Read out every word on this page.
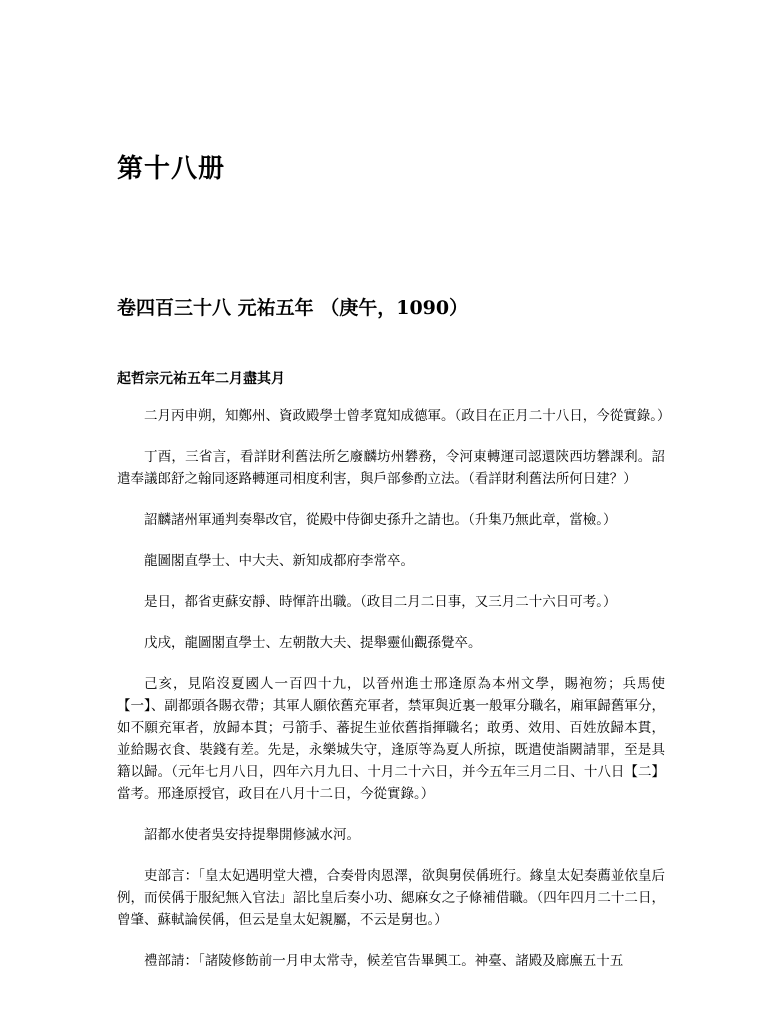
第十八册
卷四百三十八 元祐五年 （庚午，1090）
起哲宗元祐五年二月盡其月

二月丙申朔，知鄭州、資政殿學士曾孝寬知成德軍。（政目在正月二十八日，今從實錄。）

丁酉，三省言，看詳財利舊法所乞廢麟坊州礬務，令河東轉運司認還陝西坊礬課利。詔遣奉議郎舒之翰同逐路轉運司相度利害，與戶部參酌立法。（看詳財利舊法所何日建？）

詔麟諸州軍通判奏舉改官，從殿中侍御史孫升之請也。（升集乃無此章，當檢。）

龍圖閣直學士、中大夫、新知成都府李常卒。

是日，都省吏蘇安靜、時惲許出職。（政目二月二日事，又三月二十六日可考。）

戊戌，龍圖閣直學士、左朝散大夫、提舉靈仙觀孫覺卒。

己亥，見陷沒夏國人一百四十九，以晉州進士邢逢原為本州文學，賜袍笏；兵馬使【一】、副都頭各賜衣帶；其軍人願依舊充軍者，禁軍與近裏一般軍分職名，廂軍歸舊軍分，如不願充軍者，放歸本貫；弓箭手、蕃捉生並依舊指揮職名；敢勇、效用、百姓放歸本貫，並給賜衣食、裝錢有差。先是，永樂城失守，逢原等為夏人所掠，既遣使詣闕請罪，至是具籍以歸。（元年七月八日，四年六月九日、十月二十六日，并今五年三月二日、十八日【二】當考。邢逢原授官，政目在八月十二日，今從實錄。）

詔都水使者吳安持提舉開修滅水河。

吏部言：「皇太妃遇明堂大禮，合奏骨肉恩澤，欲與舅侯偁班行。緣皇太妃奏薦並依皇后例，而侯偁于服紀無入官法」詔比皇后奏小功、緦麻女之子條補借職。（四年四月二十二日，曾肇、蘇軾論侯偁，但云是皇太妃親屬，不云是舅也。）

禮部請：「諸陵修飭前一月申太常寺，候差官告畢興工。神臺、諸殿及廊廡五十五
